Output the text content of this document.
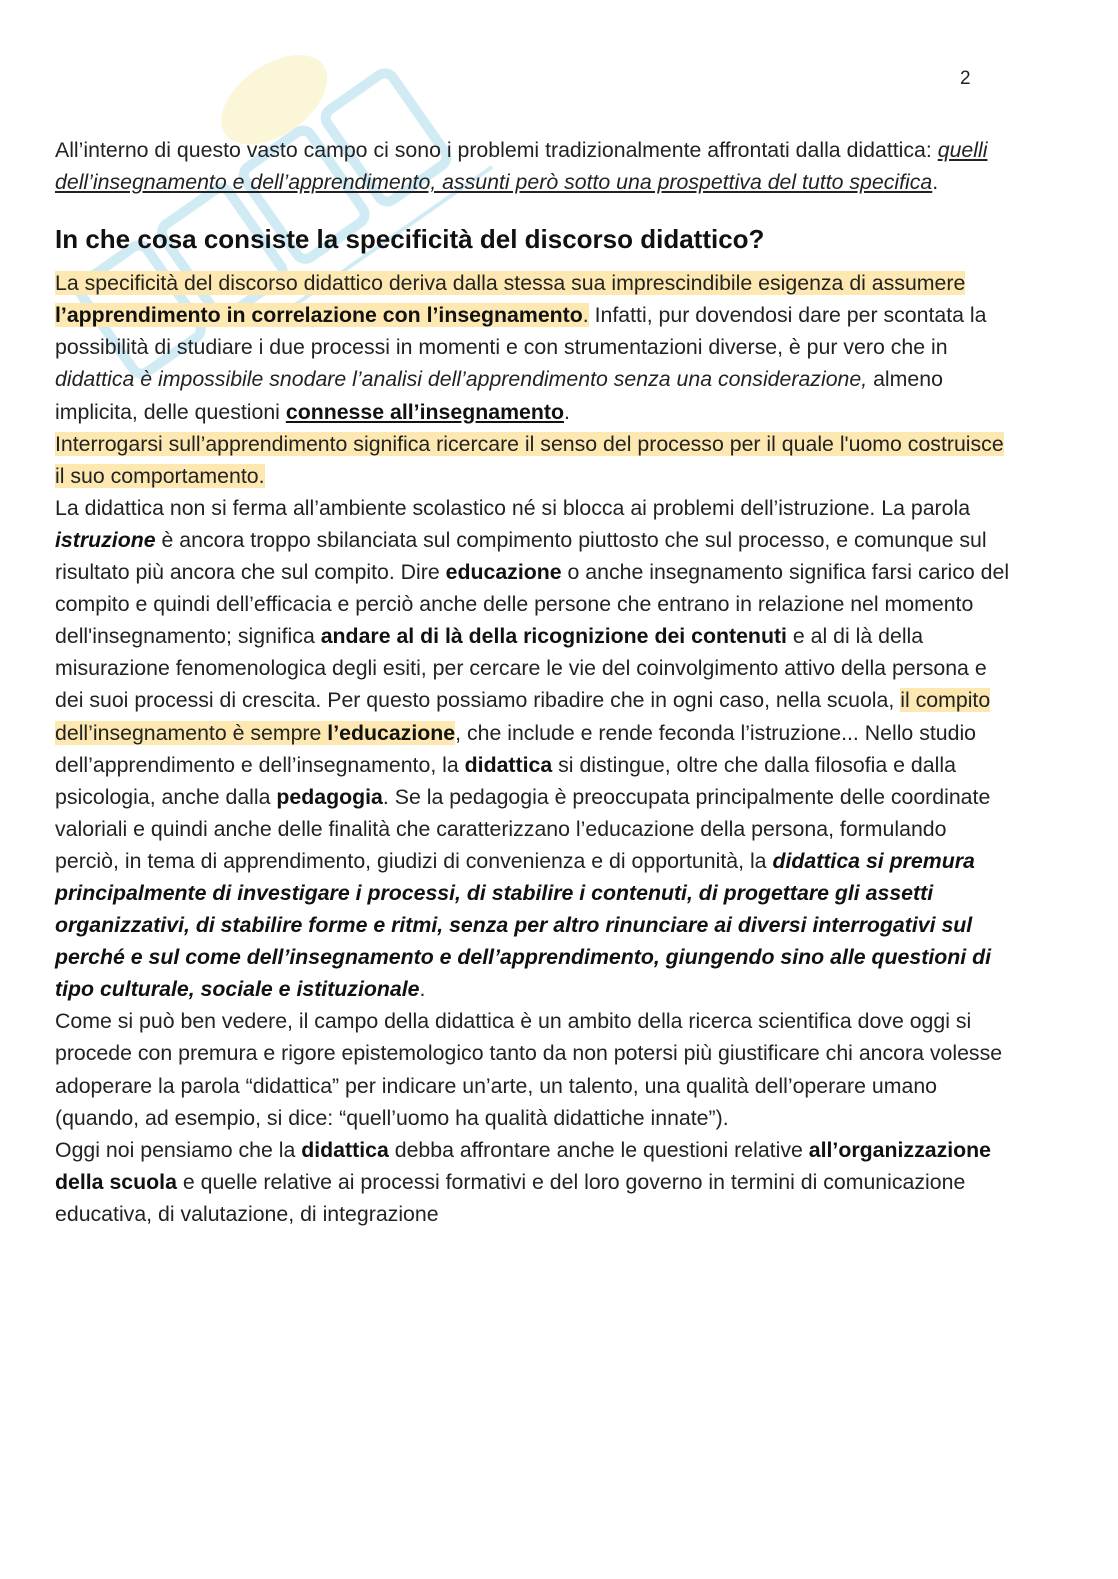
2

All’interno di questo vasto campo ci sono i problemi tradizionalmente affrontati dalla didattica: quelli dell’insegnamento e dell’apprendimento, assunti però sotto una prospettiva del tutto specifica.

In che cosa consiste la specificità del discorso didattico?

La specificità del discorso didattico deriva dalla stessa sua imprescindibile esigenza di assumere l’apprendimento in correlazione con l’insegnamento. Infatti, pur dovendosi dare per scontata la possibilità di studiare i due processi in momenti e con strumentazioni diverse, è pur vero che in didattica è impossibile snodare l’analisi dell’apprendimento senza una considerazione, almeno implicita, delle questioni connesse all’insegnamento.

Interrogarsi sull’apprendimento significa ricercare il senso del processo per il quale l'uomo costruisce il suo comportamento.

La didattica non si ferma all’ambiente scolastico né si blocca ai problemi dell’istruzione. La parola istruzione è ancora troppo sbilanciata sul compimento piuttosto che sul processo, e comunque sul risultato più ancora che sul compito. Dire educazione o anche insegnamento significa farsi carico del compito e quindi dell’efficacia e perciò anche delle persone che entrano in relazione nel momento dell'insegnamento; significa andare al di là della ricognizione dei contenuti e al di là della misurazione fenomenologica degli esiti, per cercare le vie del coinvolgimento attivo della persona e dei suoi processi di crescita. Per questo possiamo ribadire che in ogni caso, nella scuola, il compito dell’insegnamento è sempre l’educazione, che include e rende feconda l’istruzione... Nello studio dell’apprendimento e dell’insegnamento, la didattica si distingue, oltre che dalla filosofia e dalla psicologia, anche dalla pedagogia. Se la pedagogia è preoccupata principalmente delle coordinate valoriali e quindi anche delle finalità che caratterizzano l’educazione della persona, formulando perciò, in tema di apprendimento, giudizi di convenienza e di opportunità, la didattica si premura principalmente di investigare i processi, di stabilire i contenuti, di progettare gli assetti organizzativi, di stabilire forme e ritmi, senza per altro rinunciare ai diversi interrogativi sul perché e sul come dell’insegnamento e dell’apprendimento, giungendo sino alle questioni di tipo culturale, sociale e istituzionale.

Come si può ben vedere, il campo della didattica è un ambito della ricerca scientifica dove oggi si procede con premura e rigore epistemologico tanto da non potersi più giustificare chi ancora volesse adoperare la parola “didattica” per indicare un’arte, un talento, una qualità dell’operare umano (quando, ad esempio, si dice: “quell’uomo ha qualità didattiche innate”).

Oggi noi pensiamo che la didattica debba affrontare anche le questioni relative all’organizzazione della scuola e quelle relative ai processi formativi e del loro governo in termini di comunicazione educativa, di valutazione, di integrazione
